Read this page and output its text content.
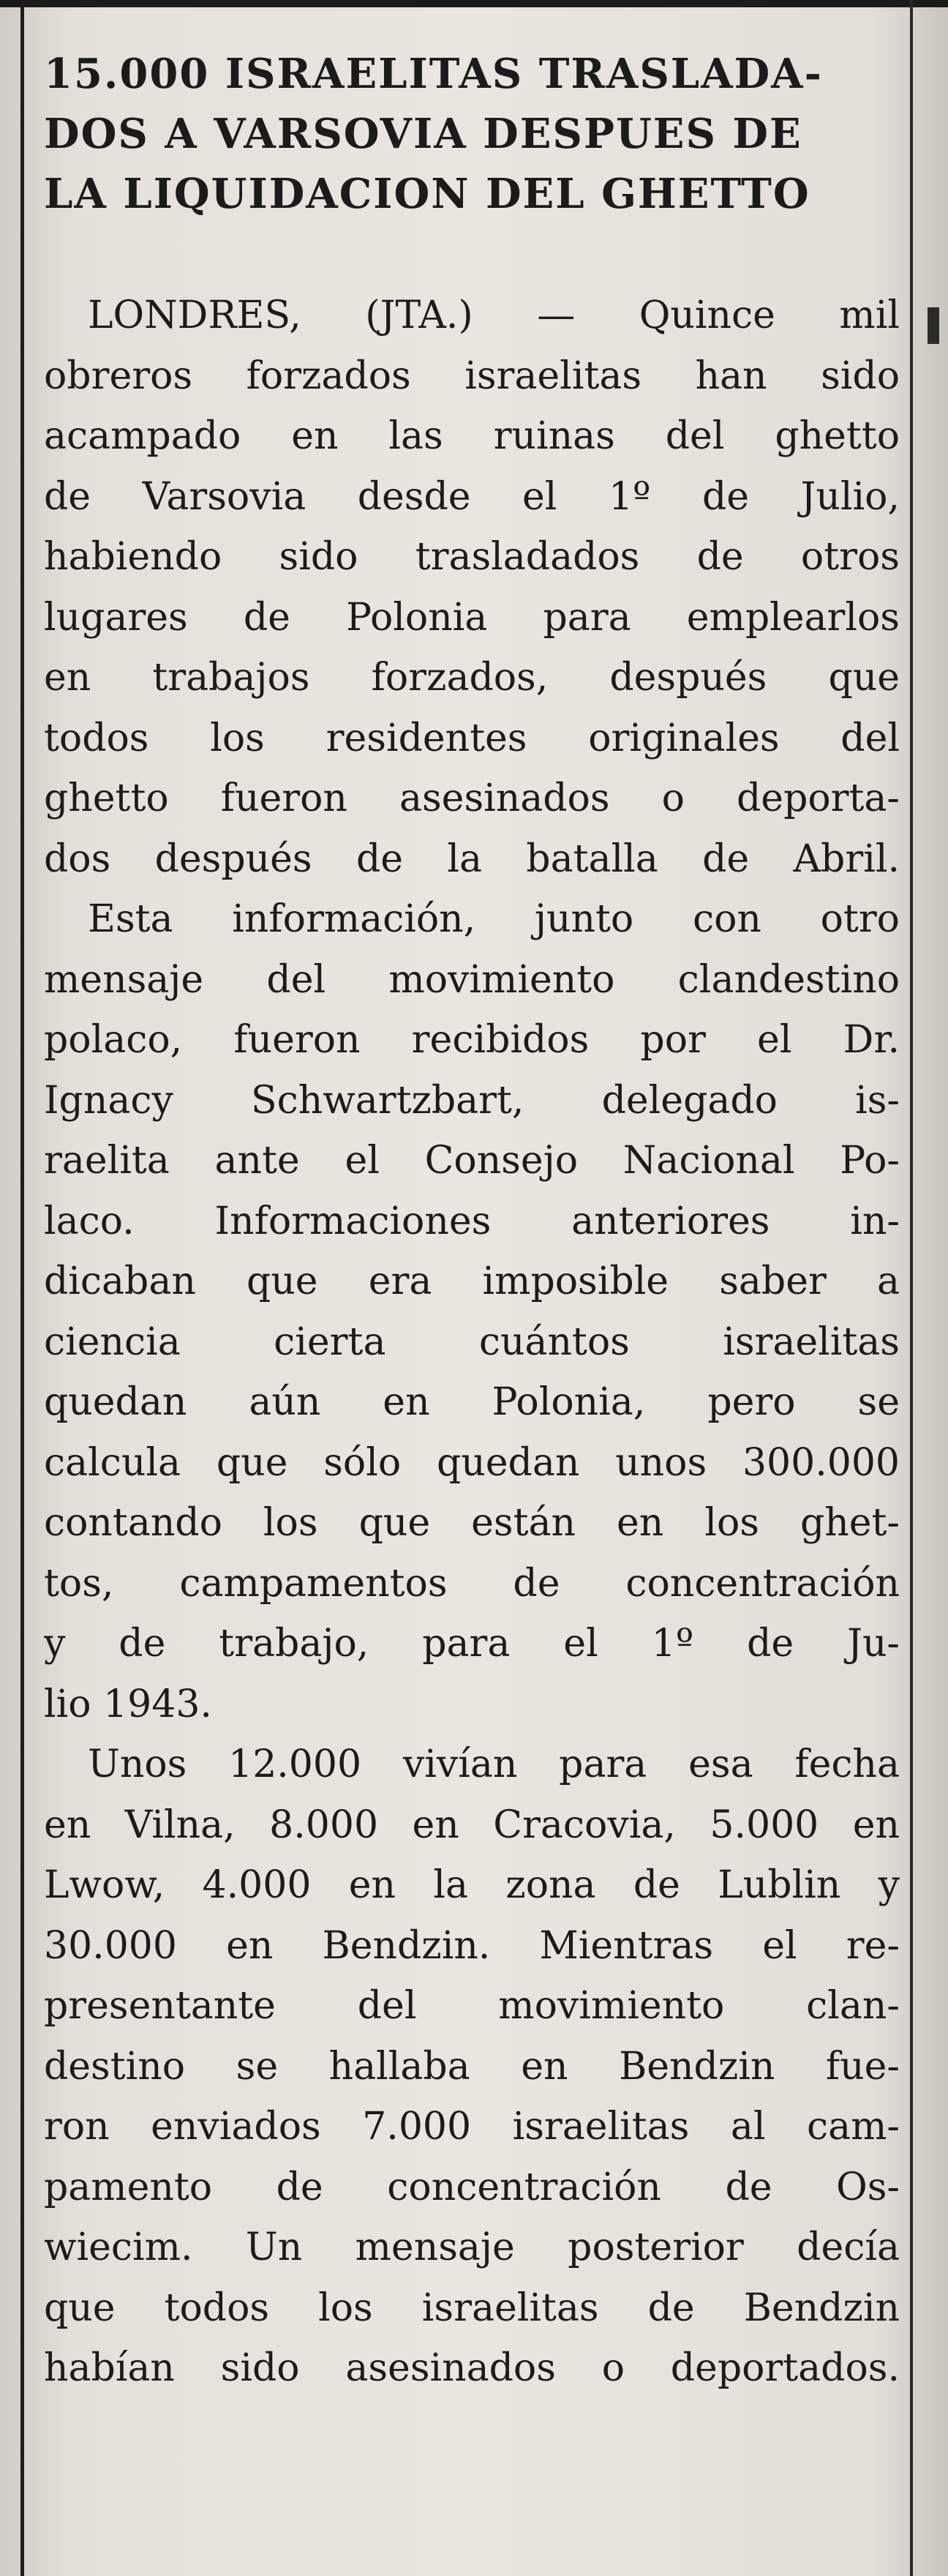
15.000 ISRAELITAS TRASLADA-
DOS A VARSOVIA DESPUES DE
LA LIQUIDACION DEL GHETTO
LONDRES, (JTA.) — Quince mil
obreros forzados israelitas han sido
acampado en las ruinas del ghetto
de Varsovia desde el 1º de Julio,
habiendo sido trasladados de otros
lugares de Polonia para emplearlos
en trabajos forzados, después que
todos los residentes originales del
ghetto fueron asesinados o deporta-
dos después de la batalla de Abril.
Esta información, junto con otro
mensaje del movimiento clandestino
polaco, fueron recibidos por el Dr.
Ignacy Schwartzbart, delegado is-
raelita ante el Consejo Nacional Po-
laco. Informaciones anteriores in-
dicaban que era imposible saber a
ciencia cierta cuántos israelitas
quedan aún en Polonia, pero se
calcula que sólo quedan unos 300.000
contando los que están en los ghet-
tos, campamentos de concentración
y de trabajo, para el 1º de Ju-
lio 1943.
Unos 12.000 vivían para esa fecha
en Vilna, 8.000 en Cracovia, 5.000 en
Lwow, 4.000 en la zona de Lublin y
30.000 en Bendzin. Mientras el re-
presentante del movimiento clan-
destino se hallaba en Bendzin fue-
ron enviados 7.000 israelitas al cam-
pamento de concentración de Os-
wiecim. Un mensaje posterior decía
que todos los israelitas de Bendzin
habían sido asesinados o deportados.
